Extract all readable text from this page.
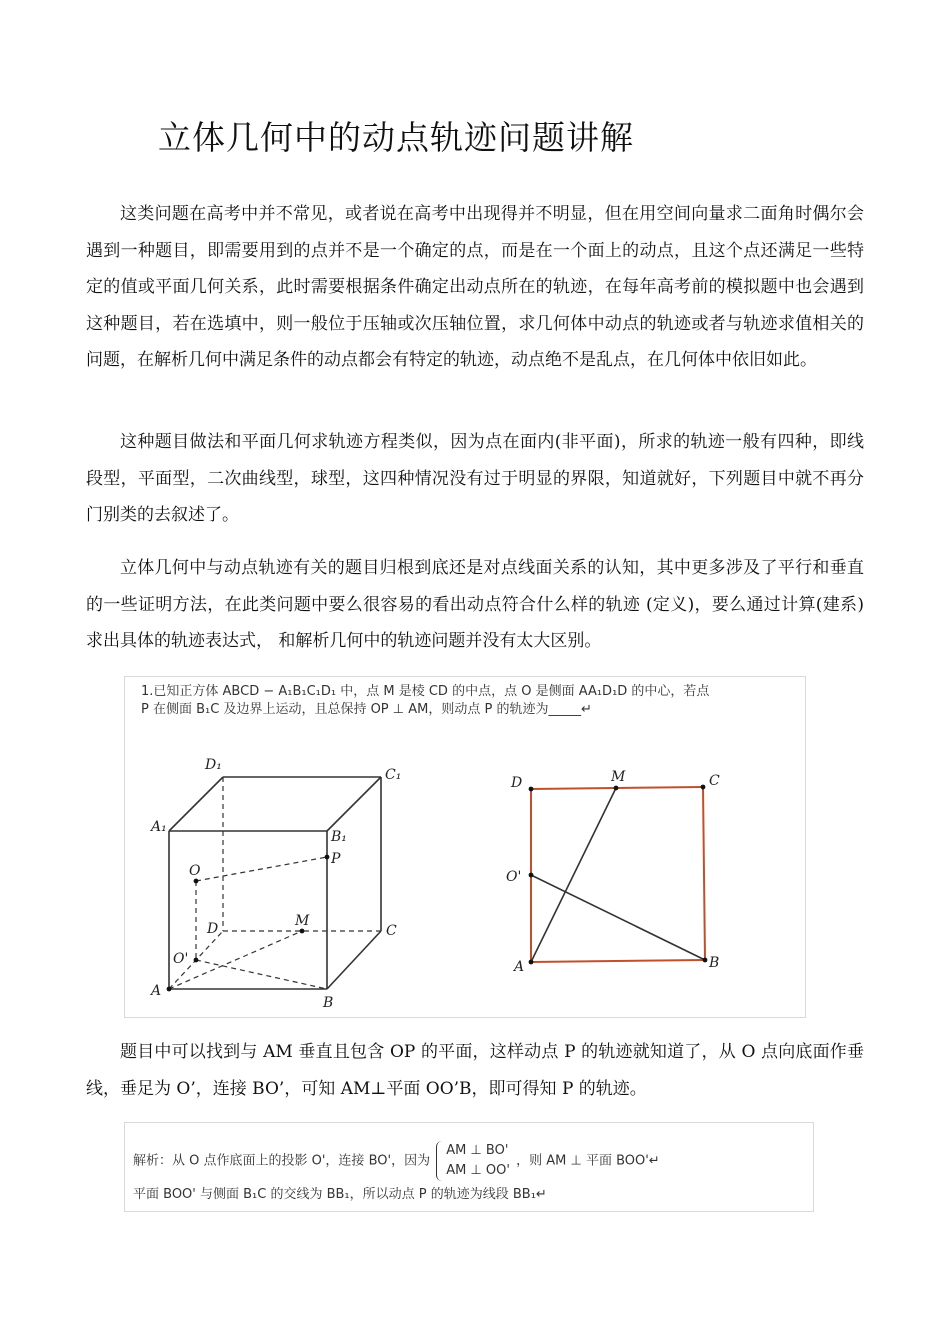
立体几何中的动点轨迹问题讲解

这类问题在高考中并不常见，或者说在高考中出现得并不明显，但在用空间向量求二面角时偶尔会遇到一种题目，即需要用到的点并不是一个确定的点，而是在一个面上的动点，且这个点还满足一些特定的值或平面几何关系，此时需要根据条件确定出动点所在的轨迹，在每年高考前的模拟题中也会遇到这种题目，若在选填中，则一般位于压轴或次压轴位置，求几何体中动点的轨迹或者与轨迹求值相关的问题，在解析几何中满足条件的动点都会有特定的轨迹，动点绝不是乱点，在几何体中依旧如此。

这种题目做法和平面几何求轨迹方程类似，因为点在面内(非平面)，所求的轨迹一般有四种，即线段型，平面型，二次曲线型，球型，这四种情况没有过于明显的界限，知道就好，下列题目中就不再分门别类的去叙述了。

立体几何中与动点轨迹有关的题目归根到底还是对点线面关系的认知，其中更多涉及了平行和垂直的一些证明方法，在此类问题中要么很容易的看出动点符合什么样的轨迹 (定义)，要么通过计算(建系)求出具体的轨迹表达式， 和解析几何中的轨迹问题并没有太大区别。

1.已知正方体 ABCD − A₁B₁C₁D₁ 中，点 M 是棱 CD 的中点，点 O 是侧面 AA₁D₁D 的中心，若点
P 在侧面 B₁C 及边界上运动，且总保持 OP ⊥ AM，则动点 P 的轨迹为_____↵
D₁
C₁
A₁
B₁
P
O
D	M
C
O'
A
B
D	M	C
O'
A	B

题目中可以找到与 AM 垂直且包含 OP 的平面，这样动点 P 的轨迹就知道了，从 O 点向底面作垂线，垂足为 O’，连接 BO’，可知 AM⊥平面 OO’B，即可得知 P 的轨迹。

解析：从 O 点作底面上的投影 O'，连接 BO'，因为
AM ⊥ BO'
AM ⊥ OO'
，则 AM ⊥ 平面 BOO'↵
平面 BOO' 与侧面 B₁C 的交线为 BB₁，所以动点 P 的轨迹为线段 BB₁↵
